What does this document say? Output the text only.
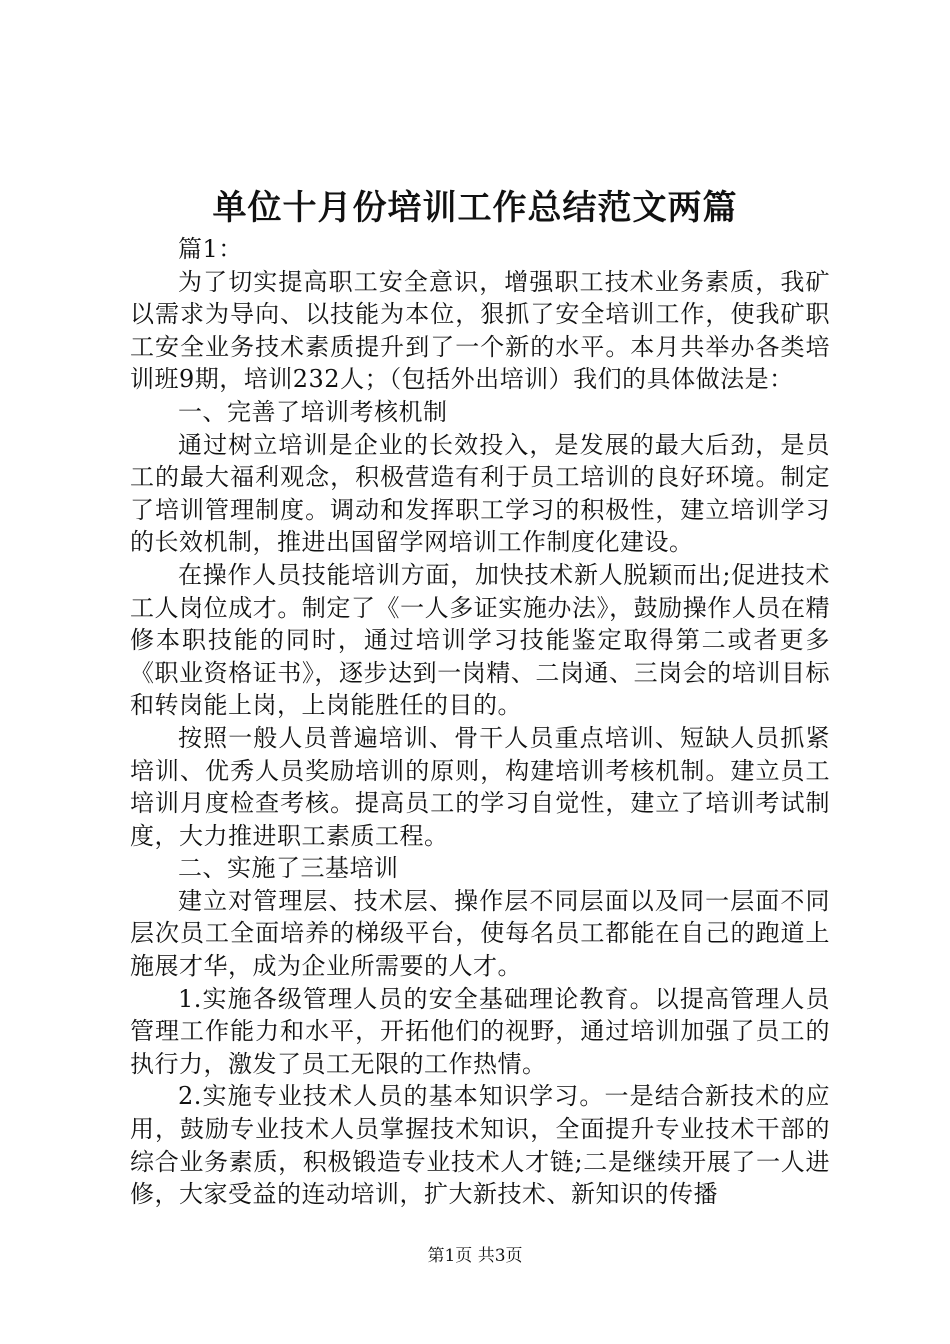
单位十月份培训工作总结范文两篇

篇1：

为了切实提高职工安全意识，增强职工技术业务素质，我矿以需求为导向、以技能为本位，狠抓了安全培训工作，使我矿职工安全业务技术素质提升到了一个新的水平。本月共举办各类培训班9期，培训232人；（包括外出培训）我们的具体做法是：

一、完善了培训考核机制

通过树立培训是企业的长效投入，是发展的最大后劲，是员工的最大福利观念，积极营造有利于员工培训的良好环境。制定了培训管理制度。调动和发挥职工学习的积极性，建立培训学习的长效机制，推进出国留学网培训工作制度化建设。

在操作人员技能培训方面，加快技术新人脱颖而出;促进技术工人岗位成才。制定了《一人多证实施办法》，鼓励操作人员在精修本职技能的同时，通过培训学习技能鉴定取得第二或者更多《职业资格证书》，逐步达到一岗精、二岗通、三岗会的培训目标和转岗能上岗，上岗能胜任的目的。

按照一般人员普遍培训、骨干人员重点培训、短缺人员抓紧培训、优秀人员奖励培训的原则，构建培训考核机制。建立员工培训月度检查考核。提高员工的学习自觉性，建立了培训考试制度，大力推进职工素质工程。

二、实施了三基培训

建立对管理层、技术层、操作层不同层面以及同一层面不同层次员工全面培养的梯级平台，使每名员工都能在自己的跑道上施展才华，成为企业所需要的人才。

1.实施各级管理人员的安全基础理论教育。以提高管理人员管理工作能力和水平，开拓他们的视野，通过培训加强了员工的执行力，激发了员工无限的工作热情。

2.实施专业技术人员的基本知识学习。一是结合新技术的应用，鼓励专业技术人员掌握技术知识，全面提升专业技术干部的综合业务素质，积极锻造专业技术人才链;二是继续开展了一人进修，大家受益的连动培训，扩大新技术、新知识的传播

第1页 共3页
